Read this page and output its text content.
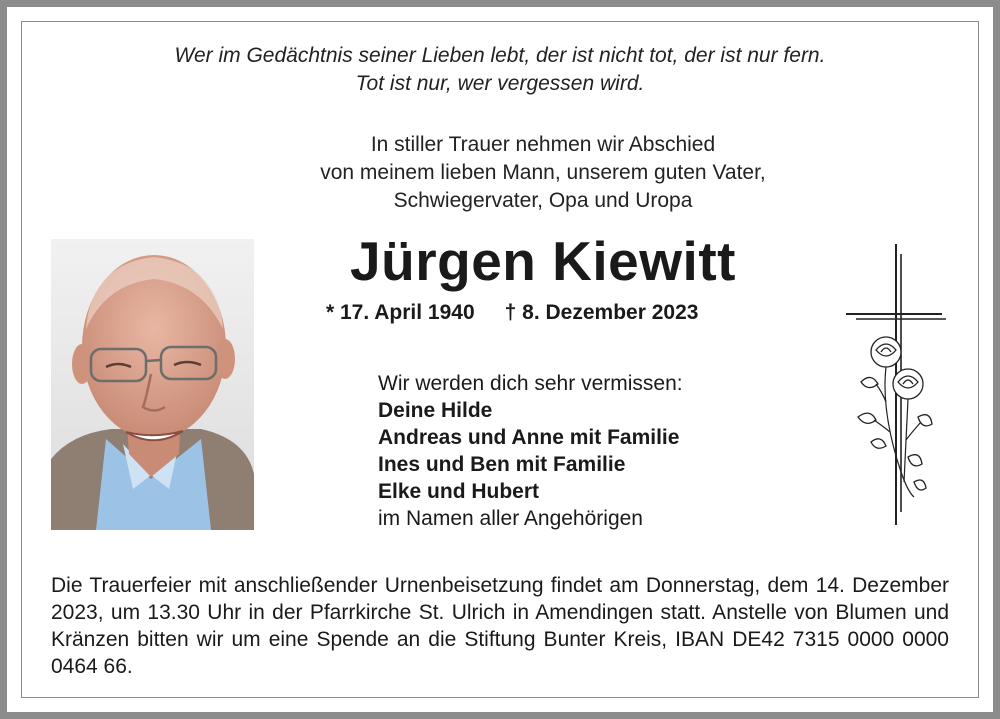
Wer im Gedächtnis seiner Lieben lebt, der ist nicht tot, der ist nur fern.
Tot ist nur, wer vergessen wird.
In stiller Trauer nehmen wir Abschied
von meinem lieben Mann, unserem guten Vater,
Schwiegervater, Opa und Uropa
Jürgen Kiewitt
* 17. April 1940 † 8. Dezember 2023
Wir werden dich sehr vermissen:
Deine Hilde
Andreas und Anne mit Familie
Ines und Ben mit Familie
Elke und Hubert
im Namen aller Angehörigen

Die Trauerfeier mit anschließender Urnenbeisetzung findet am Donnerstag, dem 14. Dezember 2023, um 13.30 Uhr in der Pfarrkirche St. Ulrich in Amendingen statt. Anstelle von Blumen und Kränzen bitten wir um eine Spende an die Stiftung Bunter Kreis, IBAN DE42 7315 0000 0000 0464 66.
